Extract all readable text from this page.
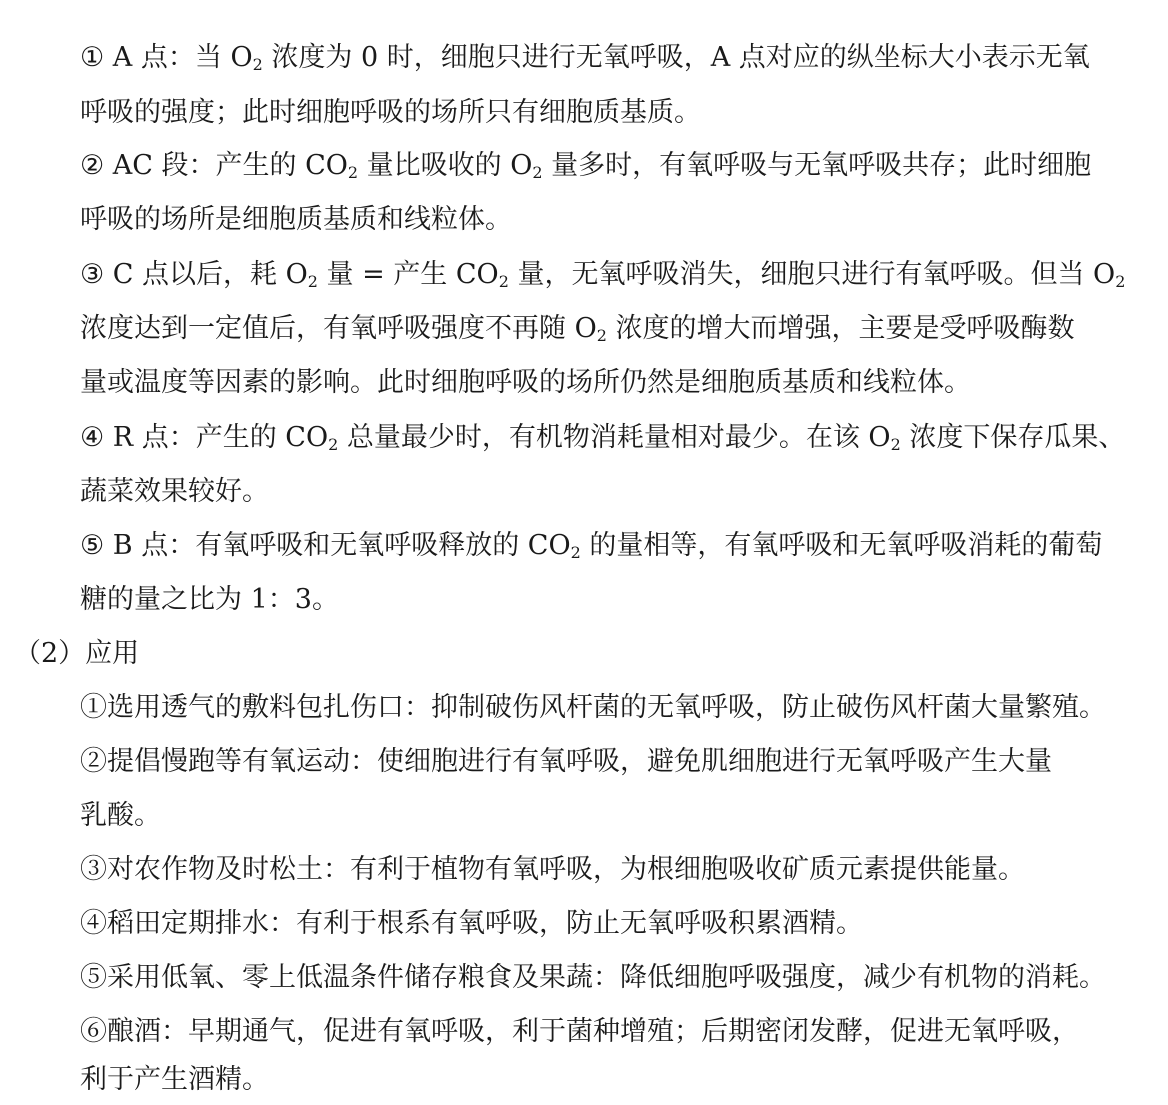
① A 点：当 $O_2$ 浓度为 0 时，细胞只进行无氧呼吸，A 点对应的纵坐标大小表示无氧
呼吸的强度；此时细胞呼吸的场所只有细胞质基质。
② AC 段：产生的 $CO_2$ 量比吸收的 $O_2$ 量多时，有氧呼吸与无氧呼吸共存；此时细胞
呼吸的场所是细胞质基质和线粒体。
③ C 点以后，耗 $O_2$ 量 = 产生 $CO_2$ 量，无氧呼吸消失，细胞只进行有氧呼吸。但当 $O_2$
浓度达到一定值后，有氧呼吸强度不再随 $O_2$ 浓度的增大而增强，主要是受呼吸酶数
量或温度等因素的影响。此时细胞呼吸的场所仍然是细胞质基质和线粒体。
④ R 点：产生的 $CO_2$ 总量最少时，有机物消耗量相对最少。在该 $O_2$ 浓度下保存瓜果、
蔬菜效果较好。
⑤ B 点：有氧呼吸和无氧呼吸释放的 $CO_2$ 的量相等，有氧呼吸和无氧呼吸消耗的葡萄
糖的量之比为 1：3。
（2）应用
①选用透气的敷料包扎伤口：抑制破伤风杆菌的无氧呼吸，防止破伤风杆菌大量繁殖。
②提倡慢跑等有氧运动：使细胞进行有氧呼吸，避免肌细胞进行无氧呼吸产生大量
乳酸。
③对农作物及时松土：有利于植物有氧呼吸，为根细胞吸收矿质元素提供能量。
④稻田定期排水：有利于根系有氧呼吸，防止无氧呼吸积累酒精。
⑤采用低氧、零上低温条件储存粮食及果蔬：降低细胞呼吸强度，减少有机物的消耗。
⑥酿酒：早期通气，促进有氧呼吸，利于菌种增殖；后期密闭发酵，促进无氧呼吸，
利于产生酒精。
